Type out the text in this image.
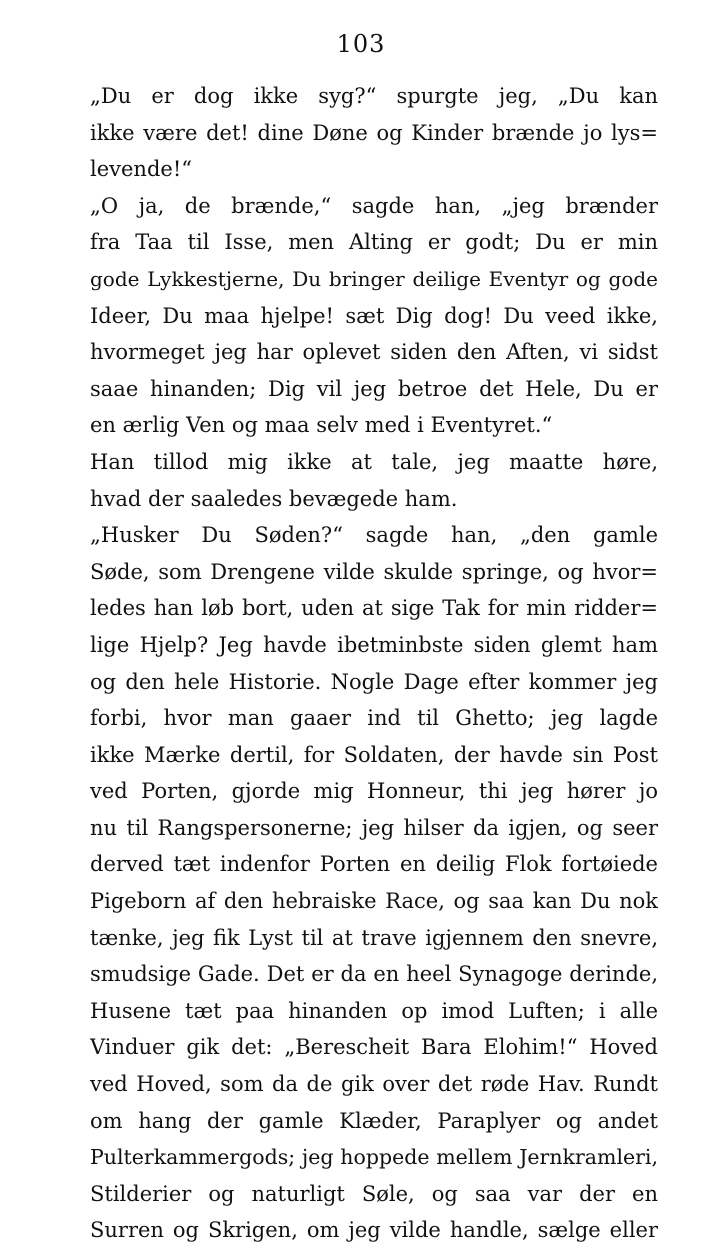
103
„Du er dog ikke syg?“ spurgte jeg, „Du kan
ikke være det! dine Døne og Kinder brænde jo lys=
levende!“
„O ja, de brænde,“ sagde han, „jeg brænder
fra Taa til Isse, men Alting er godt; Du er min
gode Lykkestjerne, Du bringer deilige Eventyr og gode
Ideer, Du maa hjelpe! sæt Dig dog! Du veed ikke,
hvormeget jeg har oplevet siden den Aften, vi sidst
saae hinanden; Dig vil jeg betroe det Hele, Du er
en ærlig Ven og maa selv med i Eventyret.“
Han tillod mig ikke at tale, jeg maatte høre,
hvad der saaledes bevægede ham.
„Husker Du Søden?“ sagde han, „den gamle
Søde, som Drengene vilde skulde springe, og hvor=
ledes han løb bort, uden at sige Tak for min ridder=
lige Hjelp? Jeg havde ibetminbste siden glemt ham
og den hele Historie. Nogle Dage efter kommer jeg
forbi, hvor man gaaer ind til Ghetto; jeg lagde
ikke Mærke dertil, for Soldaten, der havde sin Post
ved Porten, gjorde mig Honneur, thi jeg hører jo
nu til Rangspersonerne; jeg hilser da igjen, og seer
derved tæt indenfor Porten en deilig Flok fortøiede
Pigeborn af den hebraiske Race, og saa kan Du nok
tænke, jeg fik Lyst til at trave igjennem den snevre,
smudsige Gade. Det er da en heel Synagoge derinde,
Husene tæt paa hinanden op imod Luften; i alle
Vinduer gik det: „Berescheit Bara Elohim!“ Hoved
ved Hoved, som da de gik over det røde Hav. Rundt
om hang der gamle Klæder, Paraplyer og andet
Pulterkammergods; jeg hoppede mellem Jernkramleri,
Stilderier og naturligt Søle, og saa var der en
Surren og Skrigen, om jeg vilde handle, sælge eller
